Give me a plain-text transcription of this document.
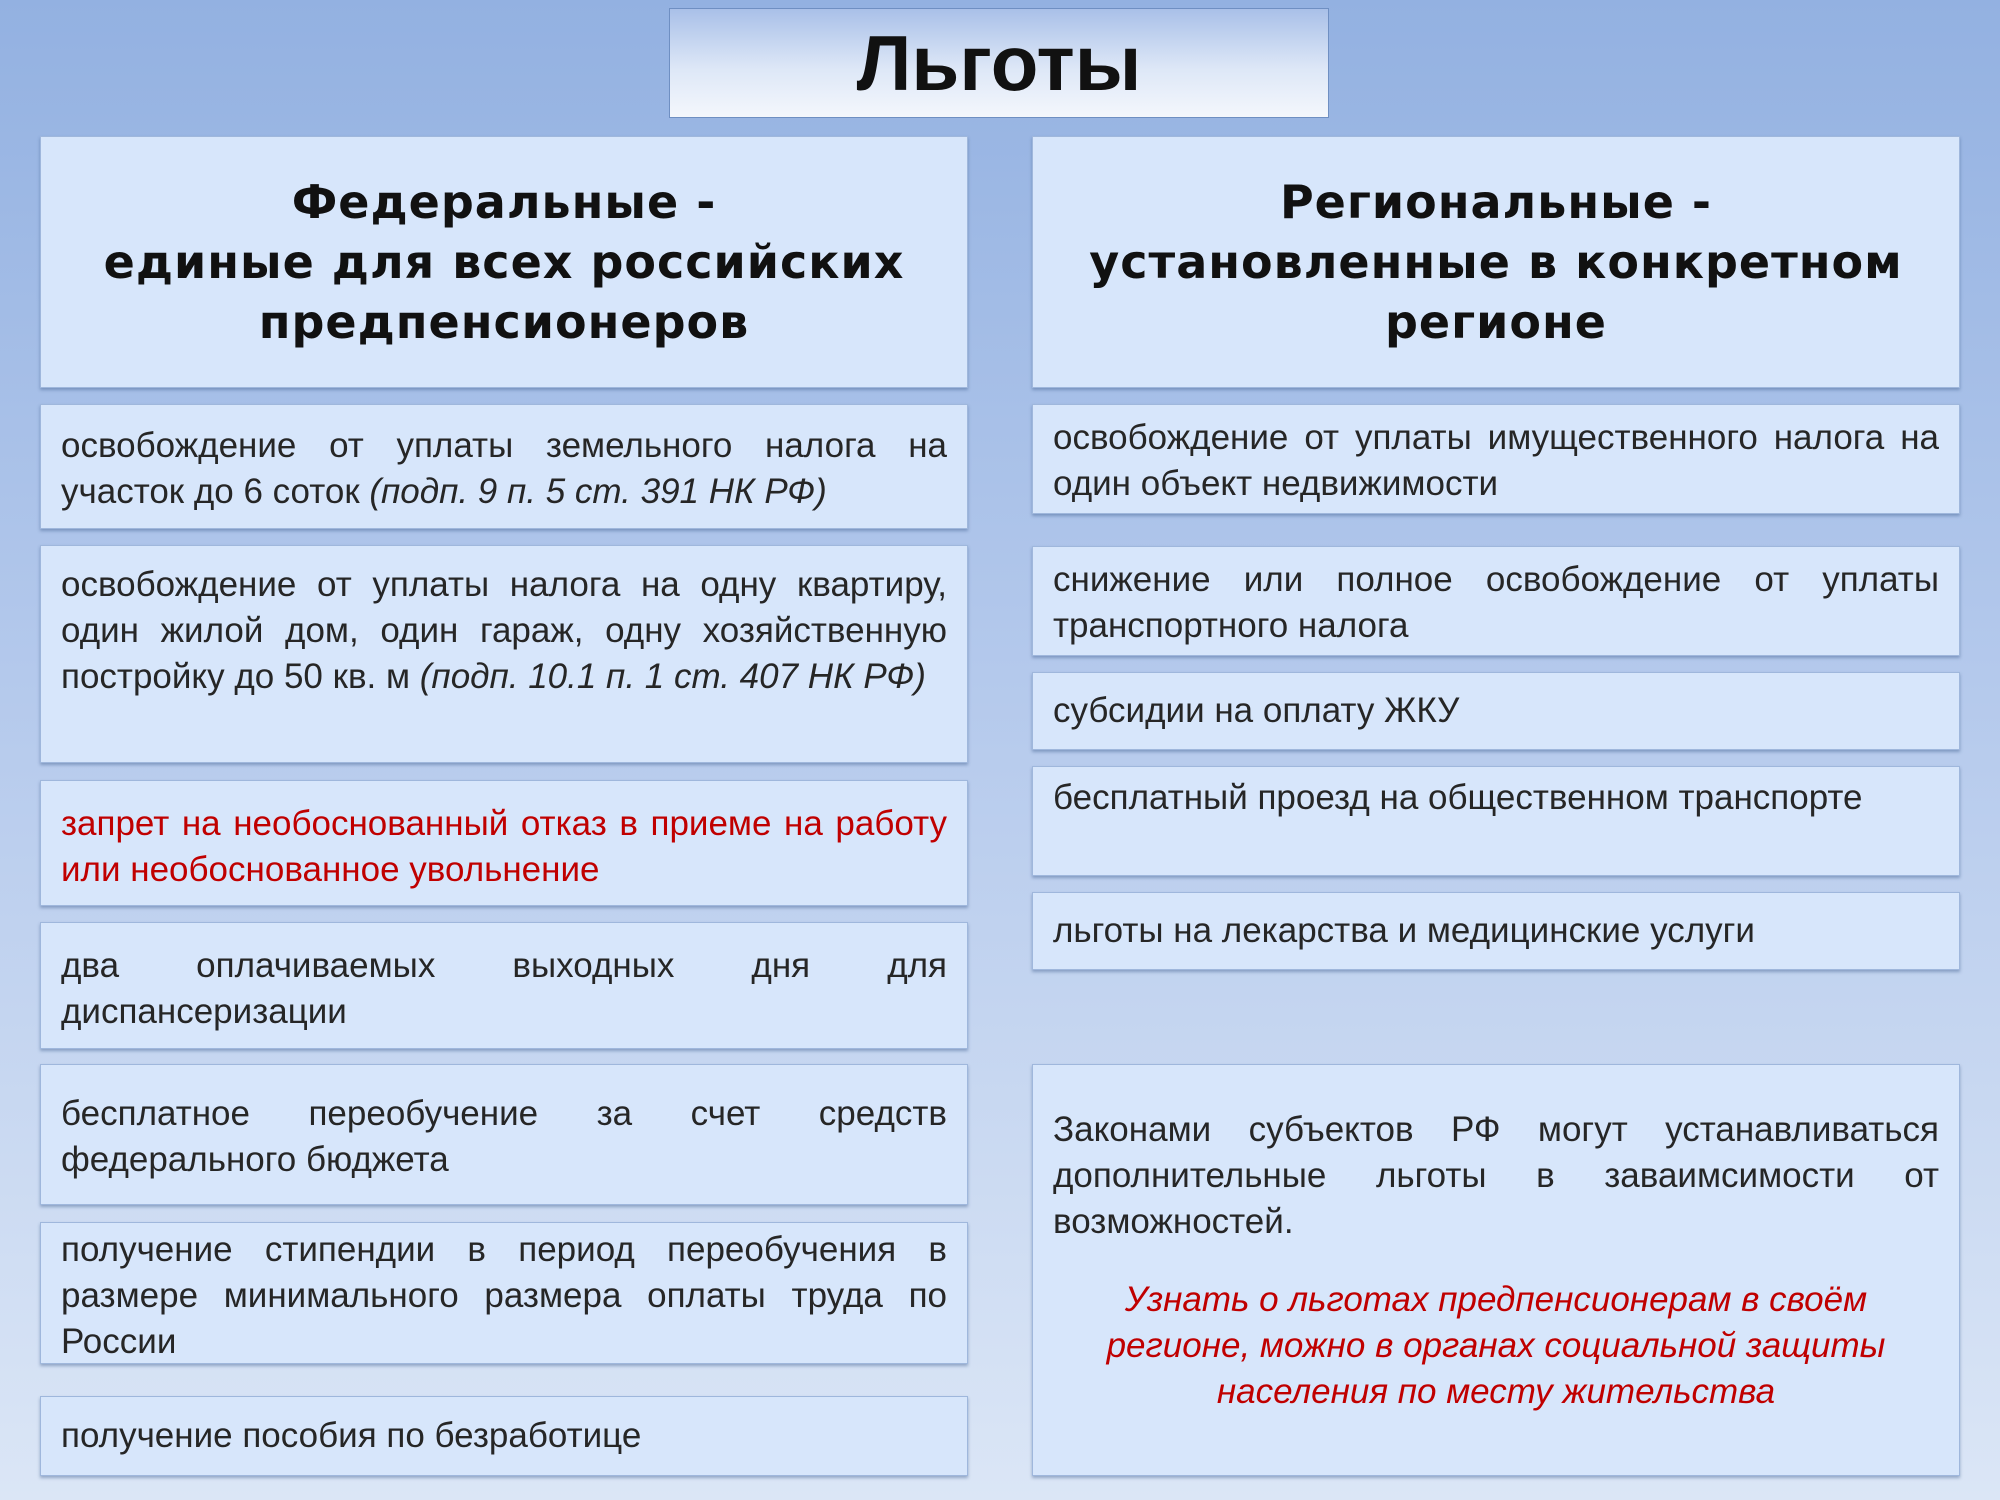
Льготы
Федеральные -
единые для всех российских
предпенсионеров
освобождение от уплаты земельного налога на участок до 6 соток (подп. 9 п. 5 ст. 391 НК РФ)
освобождение от уплаты налога на одну квартиру, один жилой дом, один гараж, одну хозяйственную постройку до 50 кв. м (подп. 10.1 п. 1 ст. 407 НК РФ)
запрет на необоснованный отказ в приеме на работу или необоснованное увольнение
два оплачиваемых выходных дня для диспансеризации
бесплатное переобучение за счет средств федерального бюджета
получение стипендии в период переобучения в размере минимального размера оплаты труда по России
получение пособия по безработице
Региональные -
установленные в конкретном
регионе
освобождение от уплаты имущественного налога на один объект недвижимости
снижение или полное освобождение от уплаты транспортного налога
субсидии на оплату ЖКУ
бесплатный проезд на общественном транспорте
льготы на лекарства и медицинские услуги

Законами субъектов РФ могут устанавливаться дополнительные льготы в заваимсимости от возможностей.

Узнать о льготах предпенсионерам в своём
регионе, можно в органах социальной защиты
населения по месту жительства
